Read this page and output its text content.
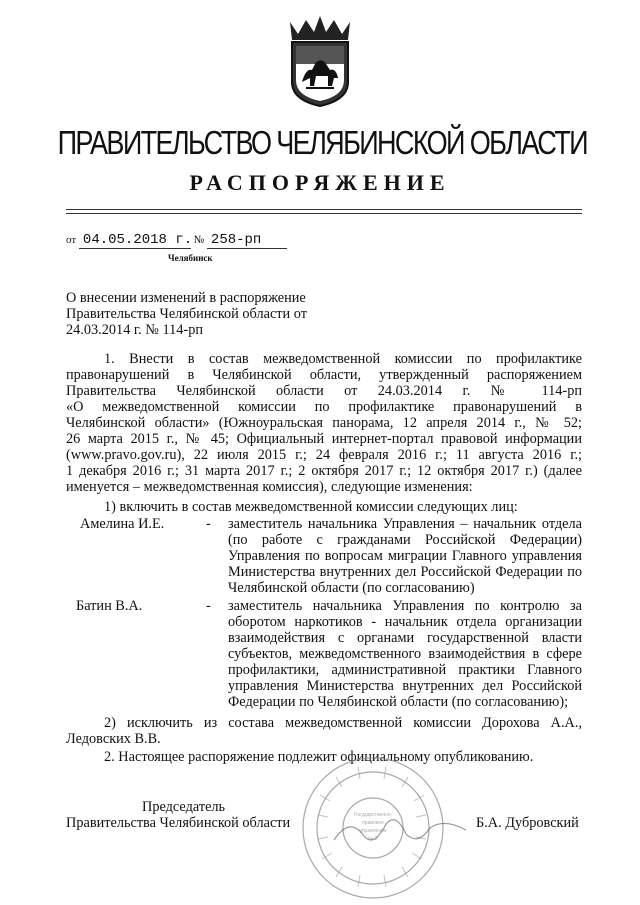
ПРАВИТЕЛЬСТВО ЧЕЛЯБИНСКОЙ ОБЛАСТИ
РАСПОРЯЖЕНИЕ
от 04.05.2018 г. № 258-рп
Челябинск
О внесении изменений в распоряжение
Правительства Челябинской области от
24.03.2014 г. № 114-рп
1. Внести в состав межведомственной комиссии по профилактике
правонарушений в Челябинской области, утвержденный распоряжением
Правительства Челябинской области от 24.03.2014 г. № 114-рп
«О межведомственной комиссии по профилактике правонарушений в
Челябинской области» (Южноуральская панорама, 12 апреля 2014 г., № 52;
26 марта 2015 г., № 45; Официальный интернет-портал правовой информации
(www.pravo.gov.ru), 22 июля 2015 г.; 24 февраля 2016 г.; 11 августа 2016 г.;
1 декабря 2016 г.; 31 марта 2017 г.; 2 октября 2017 г.; 12 октября 2017 г.) (далее
именуется – межведомственная комиссия), следующие изменения:
1) включить в состав межведомственной комиссии следующих лиц:
Амелина И.Е.	- заместитель начальника Управления – начальник отдела
(по работе с гражданами Российской Федерации)
Управления по вопросам миграции Главного управления
Министерства внутренних дел Российской Федерации по
Челябинской области (по согласованию)
Батин В.А.	- заместитель начальника Управления по контролю за
оборотом наркотиков - начальник отдела организации
взаимодействия с органами государственной власти
субъектов, межведомственного взаимодействия в сфере
профилактики, административной практики Главного
управления Министерства внутренних дел Российской
Федерации по Челябинской области (по согласованию);
2) исключить из состава межведомственной комиссии Дорохова А.А.,
Ледовских В.В.
2. Настоящее распоряжение подлежит официальному опубликованию.
Государственно-
правовое
управление
№ 2
Председатель
Правительства Челябинской области	Б.А. Дубровский
